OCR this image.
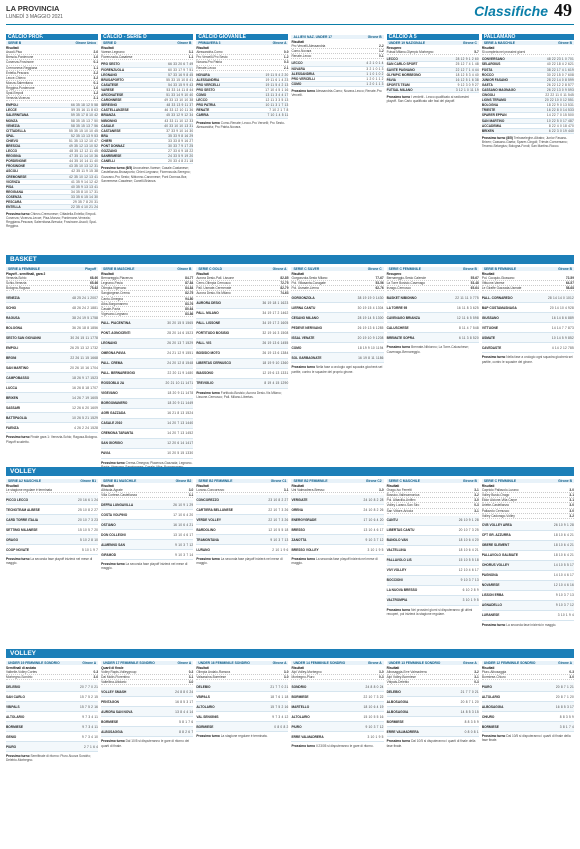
LA PROVINCIA
LUNEDÌ 3 MAGGIO 2021	Classifiche 49
CALCIO PROF.
SERIE B	Girone Unico
Risultati
Ascoli-Pisa	2-0
Brescia-Pordenone	1-0
Cosenza-Frosinone	0-1
Cremonese-Reggiana	1-1
Entella-Pescara	2-2
Lecce-Chievo	3-2
Monza-Salernitana	0-1
Reggina-Pordenone	1-0
Spal-Empoli	1-2
Venezia-Vicenza	2-1
EMPOLI	66 35 18 12 5 58
LECCE	59 35 16 11 8 63
SALERNITANA	59 35 17 8 10 42
MONZA	58 35 15 13 7 50
VENEZIA	58 35 15 13 7 56
CITTADELLA	55 35 15 10 10 45
SPAL	52 35 13 13 9 53
CHIEVO	51 35 13 12 10 47
BRESCIA	49 35 12 13 10 52
LECCO	48 35 12 12 11 45
REGGINA	47 35 11 14 10 36
PORDENONE	44 35 10 14 11 40
FROSINONE	43 35 10 13 12 31
ASCOLI	42 35 11 9 15 38
CREMONESE	42 35 10 12 13 41
VICENZA	41 35 9 14 12 42
PISA	40 35 9 13 13 41
REGGIANA	34 35 8 10 17 31
COSENZA	33 35 6 15 14 30
PESCARA	29 35 7 8 20 31
ENTELLA	22 35 4 10 21 24
Prossimo turno Chievo-Cremonese; Cittadella-Entella; Empoli-Cosenza; Vicenza-Lecce; Pisa-Monza; Pordenone-Venezia; Reggiana-Pescara; Salernitana-Brescia; Frosinone-Ascoli; Spal-Reggina.
CALCIO - SERIE D
SERIE D	Girone B
Risultati
Varese-Legnano	3-1
Fiorenzuola-Casatese	1-1
PRO SESTO	66 33 20 6 7 49
FIORENZUOLA	60 33 17 9 7 51
LEGNANO	57 33 16 9 8 45
BRUSAPORTO	55 33 15 10 8 41
CASATESE	54 33 15 9 9 43
VARESE	53 33 14 11 8 44
ARCONATESE	51 33 14 9 10 40
CARONNESE	49 33 13 10 10 38
SEREGNO	48 33 13 9 11 37
CASTELLANZESE	46 33 12 10 11 36
BRIANZA	45 33 12 9 12 34
NIBIONNO	43 33 11 10 12 33
CASALE	40 33 10 10 13 31
CASTANESE	37 33 9 10 14 30
BRA	35 33 9 8 16 29
CHIERI	33 33 8 9 16 27
PONT DONNAZ	30 33 7 9 17 25
GOZZANO	27 33 6 9 18 22
SANREMESE	24 33 5 9 19 20
CANELLI	20 33 4 8 21 18
Prossimo turno (6/5) Arconatese-Varese; Casale-Castanese; Castellanza-Brusaporto; Chieri-Legnano; Fiorenzuola-Seregno; Gozzano-Pro Sesto; Nibionno-Caronnese; Pont Donnaz-Bra; Sanremese-Casatese; Canelli-Brianza.
CALCIO GIOVANILE
PRIMAVERA 3	Girone A
Risultati
Alessandria-Como	0-0
Pro Vercelli-Pro Sesto	1-2
Novara-Pro Patria	0-3
Renate-Lecco	2-1
NOVARA	19 11 5 4 2 20
ALESSANDRIA	19 11 6 1 4 23
PRO VERCELLI	19 11 5 4 2 13
PRO SESTO	17 10 4 5 1 16
COMO	13 11 3 4 4 17
LECCO	12 11 3 3 5 13
PRO PATRIA	10 11 3 1 7 13
RENATE	7 10 2 1 7 8
CARRIA	7 10 1 4 5 11
Prossimo turno Como-Renate; Lecco-Pro Vercelli; Pro Sesto-Alessandria; Pro Patria-Novara.
ALLIEVI NAZ. UNDER 17	Girone B
Risultati
Pro Vercelli-Alessandria	2-2
Como-Novara	1-2
Renate-Lecco	0-1
LECCO	4 2 1 0 1 4
NOVARA	3 2 1 0 1 3
ALESSANDRIA	1 1 0 1 0 2
PRO VERCELLI	1 2 0 1 1 2
COMO	1 2 0 1 1 3
Prossimo turno Alessandria-Como; Novara-Lecco; Renate-Pro Vercelli.
CALCIO A 5
UNDER 19 NAZIONALE	Girone C
Recupero
Futsal Milano-Olympic Morbegno	5-7
LECCO	28 12 9 1 2 60
SAN CARLO SPORT	25 12 7 4 1 48
SAVITE PAGNANO	22 12 7 1 4 44
OLYMPIC MORBEGNO	18 12 5 3 4 40
PAVIA	16 12 5 1 6 38
SPORTS TEAM	9 12 3 0 9 27
FUTSAL MILANO	3 12 1 0 11 19
Prossimo turno I verdetti - Lecco qualificato ai sedicesimi playoff. San Carlo qualificato alle fasi del playoff.
PALLAMANO
SERIE A MASCHILE	Girone B
Risultati
Si completa nei prossimi giorni
CONVERSANO	48 22 23 1 0 701
SELARGIUS	40 22 18 4 2 621
FOSTA	38 22 17 4 1 619
ROCCO	30 22 15 0 7 608
JUNIOR FASANO	28 22 14 0 8 599
GAETA	26 22 12 2 8 577
CASSANO MAGNAGO	26 22 13 0 9 593
CINGOLI	22 22 11 0 11 545
LIONS TERAMO	20 22 10 0 12 551
BOLOGNA	18 22 9 0 13 531
TRIESTE	16 22 8 0 14 533
SPARER EPPAN	14 22 7 0 15 500
SAN MARTINO	10 22 5 0 17 487
ACCADEMIA	8 22 4 0 18 470
BRIXEN	6 22 3 0 19 440
Prossimo turno (8/5) Trebaseleghe-Albatro; Junior Fasano-Brixen; Cassano-Gaeta; Sparer-Cingoli; Trieste-Conversano; Teramo-Selargius; Bologna-Fondi; San Martino-Rocco.
BASKET
SERIE A FEMMINILE	Playoff
Playoff - semifinali, gara 2
Venezia-Schio	68-60
Schio-Venezia	65-66
Bologna-Ragusa	75-62
VENEZIA	48 25 24 1 2007
SCHIO	48 26 24 2 1881
RAGUSA	38 24 19 5 1758
BOLOGNA	36 26 18 8 1856
SESTO SAN GIOVANNI	30 26 15 11 1778
EMPOLI	26 25 13 12 1732
BRONI	22 26 11 15 1668
SAN MARTINO	20 26 10 16 1704
CAMPOBASSO	18 26 9 17 1523
LUCCA	16 26 8 18 1707
BRIXEN	14 26 7 19 1605
SASSARI	12 26 6 20 1609
BATTIPAGLIA	10 26 5 21 1529
FAENZA	4 26 2 24 1528
Prossimo turno Finale gara 1: Venezia-Schio; Ragusa-Bologna. Playoff scudetto.
SERIE B MASCHILE	Girone B
Risultati
Bernareggio-Piacenza	84-77
Legnano-Pavia	87-84
Olimpia-Vigevano	84-84
Sangiorgese-Crema	82-75
Cantu-Omegna	94-80
Alba-Borgomanero	83-76
Casale-Pavia	80-64
Vigevano-Legnano	83-86
PALL. PIACENTINA	30 20 15 5 1565
PONT. AGNOCENTI	28 20 14 6 1523
LEGNANO	26 20 13 7 1529
OMEGNA PAVIA	24 21 12 9 1551
PALL. CREMA	24 20 12 8 1548
PALL. BERNAREGGIO	22 20 11 9 1480
ROSSOBLU 2A	20 21 10 11 1471
VIGEVANO	18 20 9 11 1478
BORGOMANERO	18 20 9 11 1449
AGRI GAZZADA	16 21 8 13 1524
CASALE 2010	14 20 7 13 1440
CREMONA TARANTA	14 20 7 13 1452
SAN GIORGIO	12 20 6 14 1417
PAVIA	10 20 5 15 1330
Prossimo turno Crema-Omegna; Piacenza-Gazzada; Legnano-
SERIE C GOLD	Girone A
Risultati
Aurora Desio-Pall. Lissone	82-85
Cerro-Olimpia Cernusco	72-75
Pall. Usmate-Cermenate	82-79
Aurora Desio-Vis Milano	74-63
AURORA DESIO	36 19 18 1 1623
PALL. MILANO	34 19 17 2 1462
PALL. LISSONE	34 19 17 2 1605
FORTITUDO BOSISIO	32 19 16 3 1508
PALL. VIS	26 19 13 6 1455
BOSISIO MOTO	26 19 13 6 1384
LIBERTAS CERNUSCO	18 19 9 10 1360
BIASSONO	12 19 6 13 1331
TREVIGLIO	8 19 4 15 1290
Prossimo turno Fortitudo-Bosisio; Aurora Desio-Vis Milano; Lissone-Cernusco; Pall. Milano-Libertas.
SERIE C SILVER	Girone C
Risultati
Gorgonzola-Sesto Milano	77-67
Pol. Villasanta-Carugate	53-56
Pol. Usmate-Lierna	62-76
GORGONZOLA	38 19 19 0 1430
LIERNA CANTU	30 19 15 4 1304
CESANO MILANO	28 19 14 5 1300
PEDEVE NERVIANO	26 19 13 6 1285
ISSAL VENATE	20 19 10 9 1208
COMO	18 19 9 10 1194
SOL GARBAGNATE	16 19 8 11 1186
Prossimo turno Nella fase a orologio ogni squadra giocherà sei partite, contro le squadre del proprio girone.
SERIE C FEMMINILE	Girone B
Recupero
Bernareggio-Sesto Calende	55-67
La Torre Bosisio-Cavenago	53-48
Inzago-Cernusco	65-64
BASKET NIBIONNO	22 11 11 0 775
LA TORRE 95	16 11 8 3 625
CAVENAGO BRIANZA	12 11 6 5 598
CALUSCHESE	8 11 4 7 548
BREMATE SOPRA	6 11 3 8 520
Prossimo turno Bremate-Nibionno; La Torre-Caluschese; Cavenago-Bernareggio.
SERIE B FEMMINILE	Girone B
Risultati
Pol. Cocquio-Giussano	72-59
Vittuone-Varese	64-57
Le Giraffe Gazzada-Usmate	58-68
PALL. CORNAREDO	28 14 14 0 1012
B&P COSTAMASNAGA	20 14 10 4 928
GIUSSANO	16 14 8 6 889
VITTUONE	14 14 7 7 873
USMATE	10 14 5 9 852
CAVEDASTE	4 14 2 12 785
Prossimo turno Nella fase a orologio ogni squadra giocherà sei partite, contro le squadre del girone.
VOLLEY
SERIE A2 MASCHILE	Girone B1
Risultati
Le stagione regolare è terminata
PICCO LECCO	20 16 6 1 24
TECNOTEAM ALBESE	25 10 8 2 27
CARD TORRE ITALIA	20 10 7 3 23
SETTIMO MILANESE	15 10 5 7 20
ORAGO	5 10 2 8 10
COOP NOVATE	5 10 1 9 7
Prossimo turno La seconda fase playoff inizierà nel mese di maggio.
SERIE B1 MASCHILE	Girone B2
Risultati
Albisola-Agrate	3-0
Villa Cortese-Castellanza	3-1
DEFRA LUNGAVILLA	26 10 9 1 29
COSTA VOLPINO	17 10 6 4 20
OSTIANO	16 10 6 4 21
DON COLLEONI	13 10 4 6 17
ALMENNO SAN	9 10 3 7 12
GIFAMOD	9 10 3 7 14
Prossimo turno La seconda fase playoff inizierà nel mese di maggio.
SERIE B2 FEMMINILE	Girone C1
Risultati
Lurano-Concorezzo	3-1
CONCOREZZO	23 10 8 2 27
CARTIERA BELLUNESE	22 10 7 3 26
VERDE VOLLEY	22 10 7 3 26
BARDOLINO	12 10 5 5 18
TRAMONTANA	9 10 3 7 13
LURANO	2 10 1 9 6
Prossimo turno La seconda fase playoff inizierà nel mese di maggio.
SERIE B2 FEMMINILE	Girone C2
Risultati
Uni Valmadrera-Bresso	3-0
VERGIATE	24 10 8 2 28
ORENA	24 10 8 2 26
ENERGYGRADE	17 10 6 4 20
BRESSO	13 10 4 6 17
ZANOTTA	9 10 3 7 12
BRESSO VOLLEY	3 10 1 9 5
Prossimo turno La seconda fase playoff inizierà nel mese di maggio.
SERIE C MASCHILE	Girone B
Risultati
Orago-Ivo Ferretti	3-1
Bossico-Vallecamonica	3-2
Pol. Albavilla-Uniflex	3-0
Volley Lurano-San Siro	0-3
San Vittore-Ariccia	3-1
CANTU	26 10 9 1 28
LIBERTAS CANTU	20 10 7 3 25
BANOLO VAN	18 10 6 4 20
VALTELLINA	18 10 6 4 21
PALLAVOLO LIS	15 10 5 5 18
VIVI VOLLEY	12 10 4 6 17
BOCCIONI	9 10 3 7 13
LA NUOVA BRESSO	6 10 2 8 9
VALTROMPIA	3 10 1 9 5
Prossimo turno Nei prossimi giorni si disputeranno gli ultimi recuperi, poi inizierà la stagione regolare.
SERIE C FEMMINILE	Girone B
Risultati
Capriolo Pallavolo-Lurano	3-0
Volley Busto-Orago	3-1
Eldor Alcione-Villa Carpe	3-1
Ariette-Castellanza	3-0
Pallavolo Cernusco	3-0
Volley Cadorago-Volley	3-2
CVB VOLLEY AREA	26 10 9 1 28
CFT GR. AZZURRA	18 10 6 4 21
OBERE SLEMENT	18 10 6 4 21
PALLAVOLO GALBIATE	18 10 6 4 21
CHORUS VOLLEY	14 10 5 5 17
PAGNONA	14 10 4 6 17
NOVARESE	12 10 4 6 16
LISSON ERBA	9 10 3 7 13
AGNADELLO	9 10 3 7 12
LURANESE	3 10 1 9 4
Prossimo turno La seconda fase inizierà in maggio.
VOLLEY
UNDER 19 FEMMINILE SONDRIO	Girone A
Semifinali di andata
Valbelle-Volley Cortes	0-3
Morbegno-Sondrio	3-0
DELEBIO	20 7 7 0 21
SAN CARLO	15 7 5 2 15
VBIPALS	15 7 5 2 16
ALTOLARIO	9 7 3 4 11
BORMIESE	9 7 3 4 11
GENIO	9 7 3 4 10
PIURO	2 7 1 6 4
Prossimo turno Semifinale di ritorno: Piuro-Nuova Sondrio; Delebio-Morbegno.
UNDER 17 FEMMINILE SONDRIO	Girone A
Quarti di finale
Volley Rapis-Volleygroup	0-3
Dal Molin-Fiorentino	3-1
Valtellina-Altolario	3-0
VOLLEY SMASH	24 8 8 0 24
PENTAGON	16 8 5 3 17
AURORA SAN NOVA	13 8 4 4 14
BORMIESE	5 8 1 7 6
ALBOSAGGIA	8 8 2 6 7
Prossimo turno Dal 10/5 si disputeranno le gare di ritorno dei quarti di finale.
UNDER 16 FEMMINILE SONDRIO	Girone A
Risultati
Olimpia Andalo-Ramora	3-0
Valsassina-Bormiese	3-0
DELEBIO	21 7 7 0 21
VBIPALS	18 7 6 1 18
ALTOLARIO	15 7 5 2 16
VAL SENIGNIS	9 7 3 4 12
BORMIESE	0 8 0 8 2
Prossimo turno La stagione regolare è terminata.
UNDER 14 FEMMINILE SONDRIO	Girone A
Risultati
Alpi Volley-Morbegno	3-0
Morbegno-Piuro	0-3
SONDRIO	24 8 8 0 24
BORMIESE	22 10 7 3 22
MARTELLO	18 10 6 4 19
ALTOLARIO	15 10 5 5 16
PIURO	9 10 3 7 12
ERRE VALMADRERA	3 10 1 9 5
Prossimo turno Il 23/05 si disputeranno le gare di ritorno.
UNDER 13 FEMMINILE SONDRIO	Girone A
Risultati
Albosaggia-Erre Valmadrera	3-2
Alpi Volley-Bormiese	3-1
Vbipals-Delebio	0-3
DELEBIO	21 7 7 0 21
ALBOSAGGIA	20 8 7 1 20
ALBOSAGGIA	14 8 5 3 15
BORMIESE	8 8 3 5 9
ERRE VALMADRERA	0 8 0 8 1
Prossimo turno Dal 10/5 si disputeranno i quarti di finale della fase finale.
UNDER 12 FEMMINILE SONDRIO	Girone A
Risultati
Piuro-Albosaggia	0-3
Bormiese-Chiuro	3-0
PIURO	20 8 7 1 21
ALTOLARIO	20 8 7 1 20
ALBOSAGGIA	16 8 5 3 17
CHIURO	8 8 3 5 9
BORMIESE	3 8 1 7 4
Prossimo turno Dal 10/5 si disputeranno i quarti di finale della fase finale.
